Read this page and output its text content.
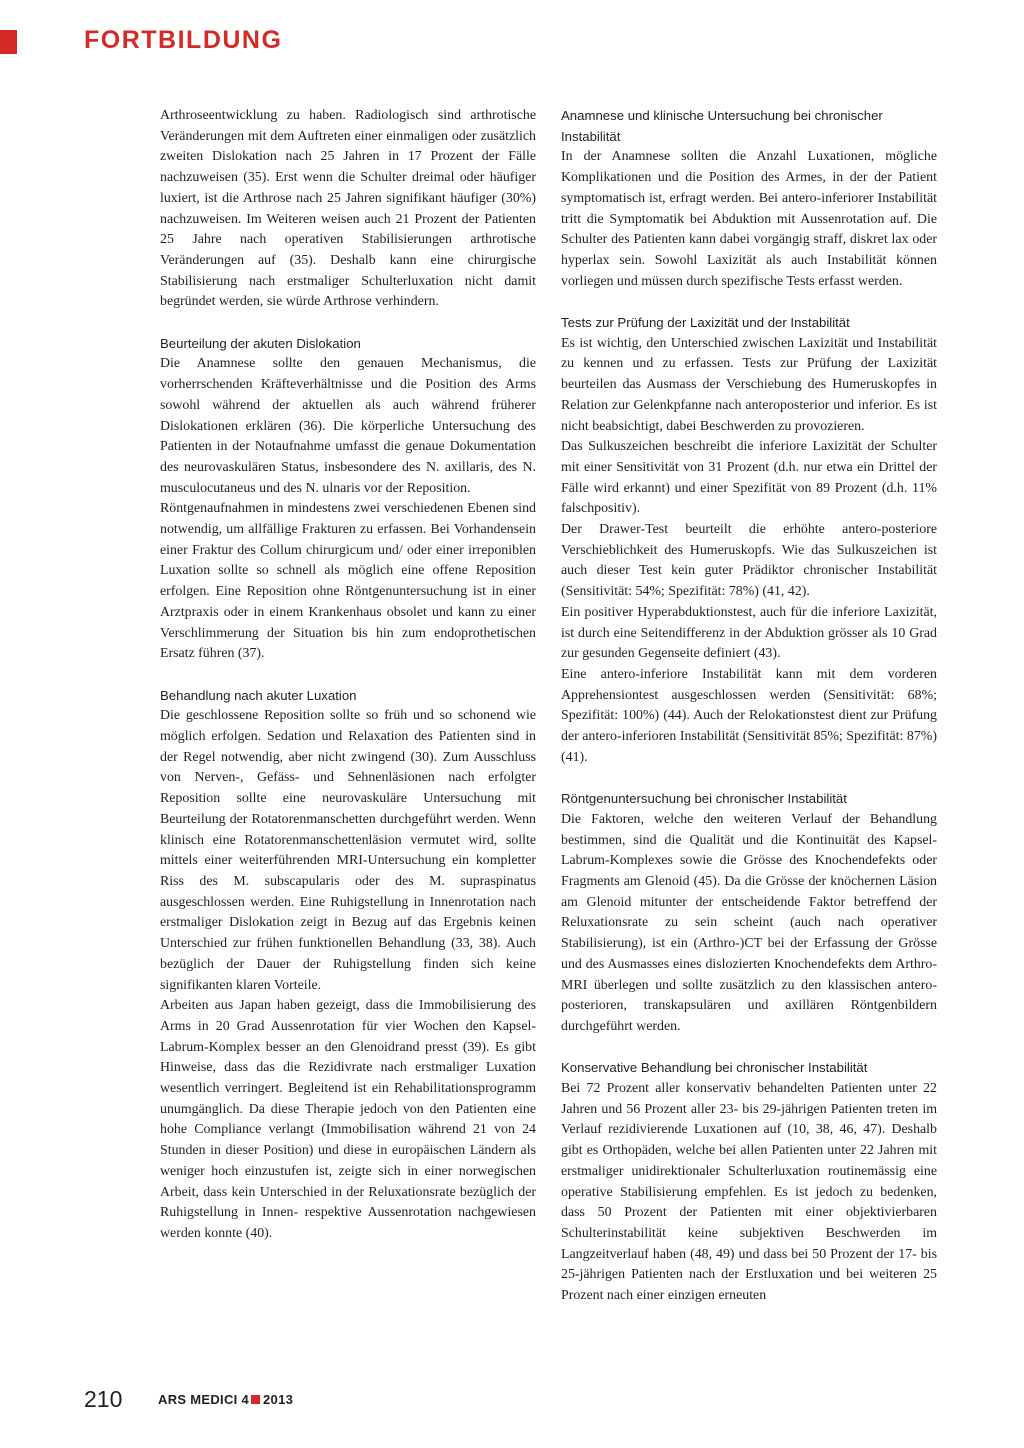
FORTBILDUNG

Arthroseentwicklung zu haben. Radiologisch sind arthrotische Veränderungen mit dem Auftreten einer einmaligen oder zusätzlich zweiten Dislokation nach 25 Jahren in 17 Prozent der Fälle nachzuweisen (35). Erst wenn die Schulter dreimal oder häufiger luxiert, ist die Arthrose nach 25 Jahren signifikant häufiger (30%) nachzuweisen. Im Weiteren weisen auch 21 Prozent der Patienten 25 Jahre nach operativen Stabilisierungen arthrotische Veränderungen auf (35). Deshalb kann eine chirurgische Stabilisierung nach erstmaliger Schulterluxation nicht damit begründet werden, sie würde Arthrose verhindern.

Beurteilung der akuten Dislokation

Die Anamnese sollte den genauen Mechanismus, die vorherrschenden Kräfteverhältnisse und die Position des Arms sowohl während der aktuellen als auch während früherer Dislokationen erklären (36). Die körperliche Untersuchung des Patienten in der Notaufnahme umfasst die genaue Dokumentation des neurovaskulären Status, insbesondere des N. axillaris, des N. musculocutaneus und des N. ulnaris vor der Reposition.

Röntgenaufnahmen in mindestens zwei verschiedenen Ebenen sind notwendig, um allfällige Frakturen zu erfassen. Bei Vorhandensein einer Fraktur des Collum chirurgicum und/ oder einer irreponiblen Luxation sollte so schnell als möglich eine offene Reposition erfolgen. Eine Reposition ohne Röntgenuntersuchung ist in einer Arztpraxis oder in einem Krankenhaus obsolet und kann zu einer Verschlimmerung der Situation bis hin zum endoprothetischen Ersatz führen (37).

Behandlung nach akuter Luxation

Die geschlossene Reposition sollte so früh und so schonend wie möglich erfolgen. Sedation und Relaxation des Patienten sind in der Regel notwendig, aber nicht zwingend (30). Zum Ausschluss von Nerven-, Gefäss- und Sehnenläsionen nach erfolgter Reposition sollte eine neurovaskuläre Untersuchung mit Beurteilung der Rotatorenmanschetten durchgeführt werden. Wenn klinisch eine Rotatorenmanschettenläsion vermutet wird, sollte mittels einer weiterführenden MRI-Untersuchung ein kompletter Riss des M. subscapularis oder des M. supraspinatus ausgeschlossen werden. Eine Ruhigstellung in Innenrotation nach erstmaliger Dislokation zeigt in Bezug auf das Ergebnis keinen Unterschied zur frühen funktionellen Behandlung (33, 38). Auch bezüglich der Dauer der Ruhigstellung finden sich keine signifikanten klaren Vorteile.

Arbeiten aus Japan haben gezeigt, dass die Immobilisierung des Arms in 20 Grad Aussenrotation für vier Wochen den Kapsel-Labrum-Komplex besser an den Glenoidrand presst (39). Es gibt Hinweise, dass das die Rezidivrate nach erstmaliger Luxation wesentlich verringert. Begleitend ist ein Rehabilitationsprogramm unumgänglich. Da diese Therapie jedoch von den Patienten eine hohe Compliance verlangt (Immobilisation während 21 von 24 Stunden in dieser Position) und diese in europäischen Ländern als weniger hoch einzustufen ist, zeigte sich in einer norwegischen Arbeit, dass kein Unterschied in der Reluxationsrate bezüglich der Ruhigstellung in Innen- respektive Aussenrotation nachgewiesen werden konnte (40).

Anamnese und klinische Untersuchung bei chronischer Instabilität

In der Anamnese sollten die Anzahl Luxationen, mögliche Komplikationen und die Position des Armes, in der der Patient symptomatisch ist, erfragt werden. Bei antero-inferiorer Instabilität tritt die Symptomatik bei Abduktion mit Aussenrotation auf. Die Schulter des Patienten kann dabei vorgängig straff, diskret lax oder hyperlax sein. Sowohl Laxizität als auch Instabilität können vorliegen und müssen durch spezifische Tests erfasst werden.

Tests zur Prüfung der Laxizität und der Instabilität

Es ist wichtig, den Unterschied zwischen Laxizität und Instabilität zu kennen und zu erfassen. Tests zur Prüfung der Laxizität beurteilen das Ausmass der Verschiebung des Humeruskopfes in Relation zur Gelenkpfanne nach anteroposterior und inferior. Es ist nicht beabsichtigt, dabei Beschwerden zu provozieren.

Das Sulkuszeichen beschreibt die inferiore Laxizität der Schulter mit einer Sensitivität von 31 Prozent (d.h. nur etwa ein Drittel der Fälle wird erkannt) und einer Spezifität von 89 Prozent (d.h. 11% falschpositiv).

Der Drawer-Test beurteilt die erhöhte antero-posteriore Verschieblichkeit des Humeruskopfs. Wie das Sulkuszeichen ist auch dieser Test kein guter Prädiktor chronischer Instabilität (Sensitivität: 54%; Spezifität: 78%) (41, 42).

Ein positiver Hyperabduktionstest, auch für die inferiore Laxizität, ist durch eine Seitendifferenz in der Abduktion grösser als 10 Grad zur gesunden Gegenseite definiert (43).

Eine antero-inferiore Instabilität kann mit dem vorderen Apprehensiontest ausgeschlossen werden (Sensitivität: 68%; Spezifität: 100%) (44). Auch der Relokationstest dient zur Prüfung der antero-inferioren Instabilität (Sensitivität 85%; Spezifität: 87%) (41).

Röntgenuntersuchung bei chronischer Instabilität

Die Faktoren, welche den weiteren Verlauf der Behandlung bestimmen, sind die Qualität und die Kontinuität des Kapsel-Labrum-Komplexes sowie die Grösse des Knochendefekts oder Fragments am Glenoid (45). Da die Grösse der knöchernen Läsion am Glenoid mitunter der entscheidende Faktor betreffend der Reluxationsrate zu sein scheint (auch nach operativer Stabilisierung), ist ein (Arthro-)CT bei der Erfassung der Grösse und des Ausmasses eines dislozierten Knochendefekts dem Arthro-MRI überlegen und sollte zusätzlich zu den klassischen antero-posterioren, transkapsulären und axillären Röntgenbildern durchgeführt werden.

Konservative Behandlung bei chronischer Instabilität

Bei 72 Prozent aller konservativ behandelten Patienten unter 22 Jahren und 56 Prozent aller 23- bis 29-jährigen Patienten treten im Verlauf rezidivierende Luxationen auf (10, 38, 46, 47). Deshalb gibt es Orthopäden, welche bei allen Patienten unter 22 Jahren mit erstmaliger unidirektionaler Schulterluxation routinemässig eine operative Stabilisierung empfehlen. Es ist jedoch zu bedenken, dass 50 Prozent der Patienten mit einer objektivierbaren Schulterinstabilität keine subjektiven Beschwerden im Langzeitverlauf haben (48, 49) und dass bei 50 Prozent der 17- bis 25-jährigen Patienten nach der Erstluxation und bei weiteren 25 Prozent nach einer einzigen erneuten

210	ARS MEDICI 4 2013
